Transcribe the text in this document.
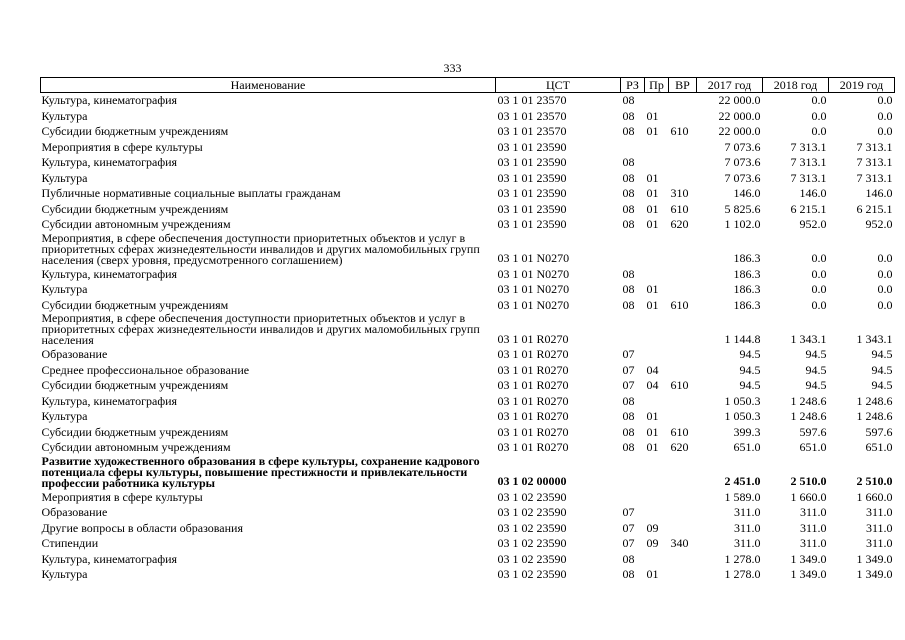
333
Наименование	ЦСТ	РЗ	Пр	ВР	2017 год	2018 год	2019 год
Культура, кинематография	03 1 01 23570	08			22 000.0	0.0	0.0
Культура	03 1 01 23570	08	01		22 000.0	0.0	0.0
Субсидии бюджетным учреждениям	03 1 01 23570	08	01	610	22 000.0	0.0	0.0
Мероприятия в сфере культуры	03 1 01 23590				7 073.6	7 313.1	7 313.1
Культура, кинематография	03 1 01 23590	08			7 073.6	7 313.1	7 313.1
Культура	03 1 01 23590	08	01		7 073.6	7 313.1	7 313.1
Публичные нормативные социальные выплаты гражданам	03 1 01 23590	08	01	310	146.0	146.0	146.0
Субсидии бюджетным учреждениям	03 1 01 23590	08	01	610	5 825.6	6 215.1	6 215.1
Субсидии автономным учреждениям	03 1 01 23590	08	01	620	1 102.0	952.0	952.0
Мероприятия, в сфере обеспечения доступности приоритетных объектов и услуг в приоритетных сферах жизнедеятельности инвалидов и других маломобильных групп населения (сверх уровня, предусмотренного соглашением)	03 1 01 N0270				186.3	0.0	0.0
Культура, кинематография	03 1 01 N0270	08			186.3	0.0	0.0
Культура	03 1 01 N0270	08	01		186.3	0.0	0.0
Субсидии бюджетным учреждениям	03 1 01 N0270	08	01	610	186.3	0.0	0.0
Мероприятия, в сфере обеспечения доступности приоритетных объектов и услуг в приоритетных сферах жизнедеятельности инвалидов и других маломобильных групп населения	03 1 01 R0270				1 144.8	1 343.1	1 343.1
Образование	03 1 01 R0270	07			94.5	94.5	94.5
Среднее профессиональное образование	03 1 01 R0270	07	04		94.5	94.5	94.5
Субсидии бюджетным учреждениям	03 1 01 R0270	07	04	610	94.5	94.5	94.5
Культура, кинематография	03 1 01 R0270	08			1 050.3	1 248.6	1 248.6
Культура	03 1 01 R0270	08	01		1 050.3	1 248.6	1 248.6
Субсидии бюджетным учреждениям	03 1 01 R0270	08	01	610	399.3	597.6	597.6
Субсидии автономным учреждениям	03 1 01 R0270	08	01	620	651.0	651.0	651.0
Развитие художественного образования в сфере культуры, сохранение кадрового потенциала сферы культуры, повышение престижности и привлекательности профессии работника культуры	03 1 02 00000				2 451.0	2 510.0	2 510.0
Мероприятия в сфере культуры	03 1 02 23590				1 589.0	1 660.0	1 660.0
Образование	03 1 02 23590	07			311.0	311.0	311.0
Другие вопросы в области образования	03 1 02 23590	07	09		311.0	311.0	311.0
Стипендии	03 1 02 23590	07	09	340	311.0	311.0	311.0
Культура, кинематография	03 1 02 23590	08			1 278.0	1 349.0	1 349.0
Культура	03 1 02 23590	08	01		1 278.0	1 349.0	1 349.0
